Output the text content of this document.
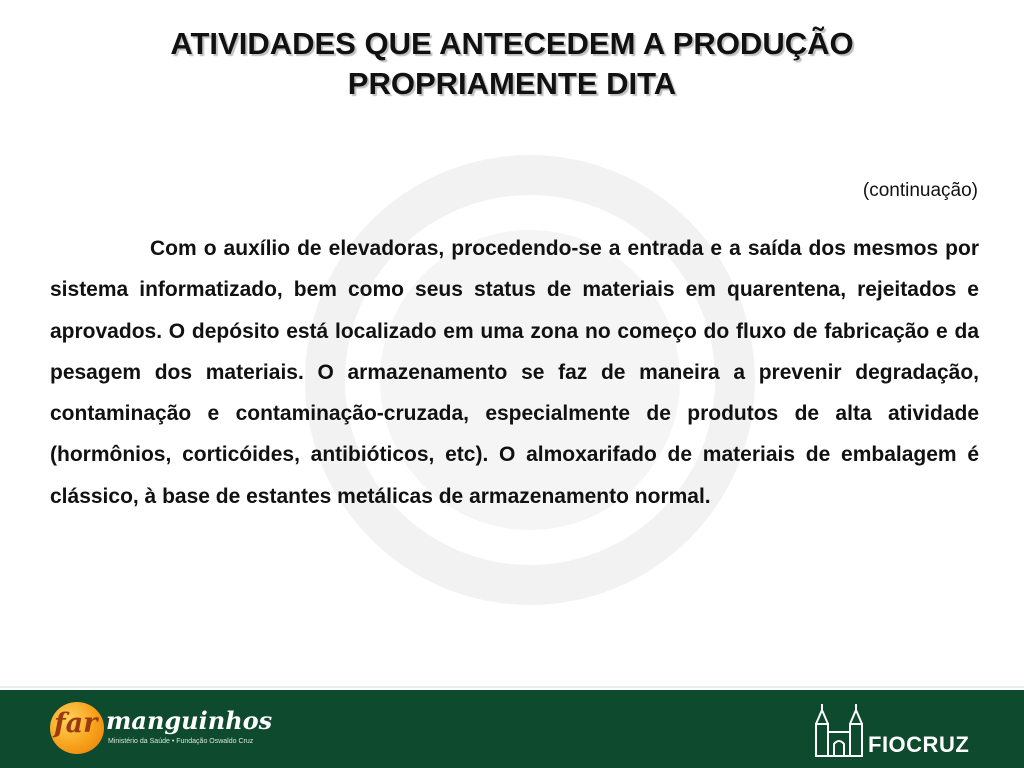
ATIVIDADES QUE ANTECEDEM A PRODUÇÃO
PROPRIAMENTE DITA
(continuação)

Com o auxílio de elevadoras, procedendo-se a entrada e a saída dos mesmos por sistema informatizado, bem como seus status de materiais em quarentena, rejeitados e aprovados. O depósito está localizado em uma zona no começo do fluxo de fabricação e da pesagem dos materiais. O armazenamento se faz de maneira a prevenir degradação, contaminação e contaminação-cruzada, especialmente de produtos de alta atividade (hormônios, corticóides, antibióticos, etc). O almoxarifado de materiais de embalagem é clássico, à base de estantes metálicas de armazenamento normal.

far manguinhos
Ministério da Saúde • Fundação Oswaldo Cruz	FIOCRUZ
